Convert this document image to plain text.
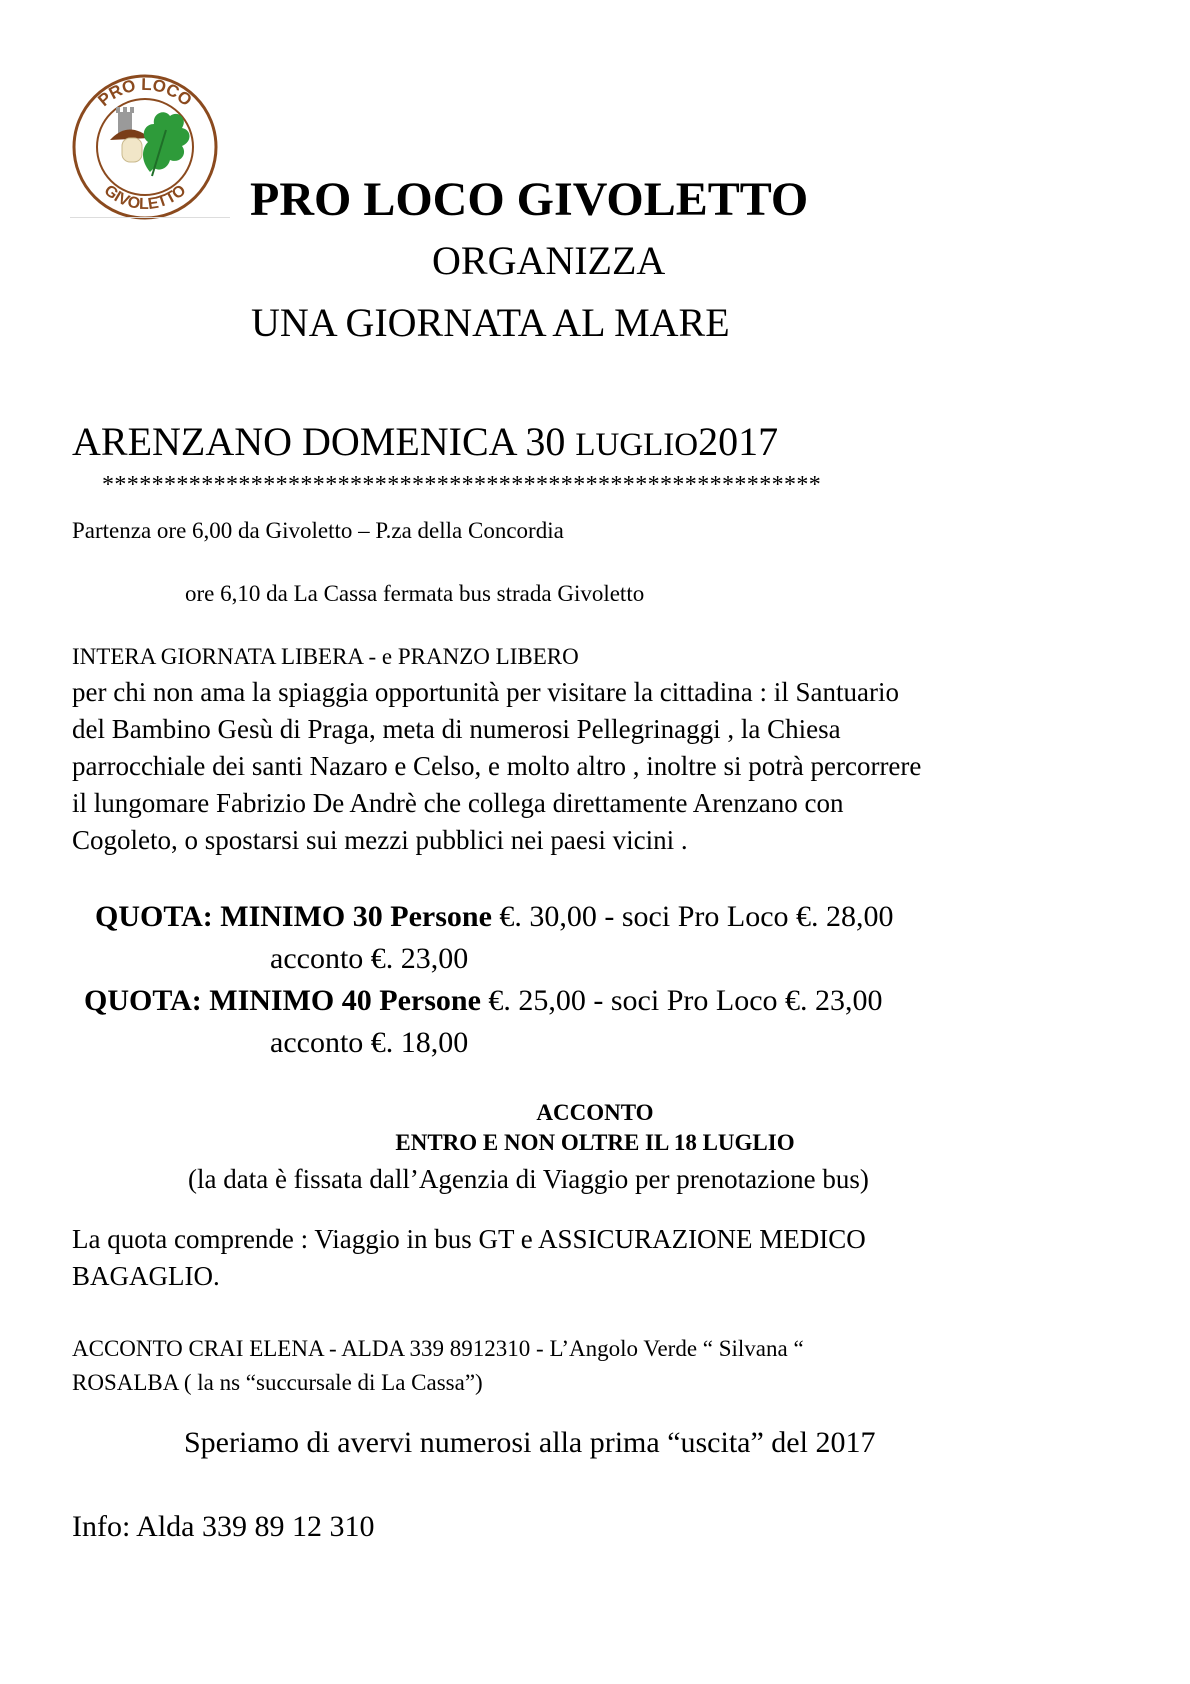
PRO LOCO
GIVOLETTO PRO LOCO GIVOLETTO
ORGANIZZA
UNA GIORNATA AL MARE
ARENZANO DOMENICA 30 LUGLIO2017
**********************************************************
Partenza ore 6,00 da Givoletto – P.za della Concordia
ore 6,10 da La Cassa fermata bus strada Givoletto
INTERA GIORNATA LIBERA - e PRANZO LIBERO
per chi non ama la spiaggia opportunità per visitare la cittadina : il Santuario
del Bambino Gesù di Praga, meta di numerosi Pellegrinaggi , la Chiesa
parrocchiale dei santi Nazaro e Celso, e molto altro , inoltre si potrà percorrere
il lungomare Fabrizio De Andrè che collega direttamente Arenzano con
Cogoleto, o spostarsi sui mezzi pubblici nei paesi vicini .
QUOTA: MINIMO 30 Persone €. 30,00 - soci Pro Loco €. 28,00
acconto €. 23,00
QUOTA: MINIMO 40 Persone €. 25,00 - soci Pro Loco €. 23,00
acconto €. 18,00
ACCONTO
ENTRO E NON OLTRE IL 18 LUGLIO
(la data è fissata dall’Agenzia di Viaggio per prenotazione bus)
La quota comprende : Viaggio in bus GT e ASSICURAZIONE MEDICO
BAGAGLIO.
ACCONTO CRAI ELENA - ALDA 339 8912310 - L’Angolo Verde “ Silvana “
ROSALBA ( la ns “succursale di La Cassa”)
Speriamo di avervi numerosi alla prima “uscita” del 2017
Info: Alda 339 89 12 310
